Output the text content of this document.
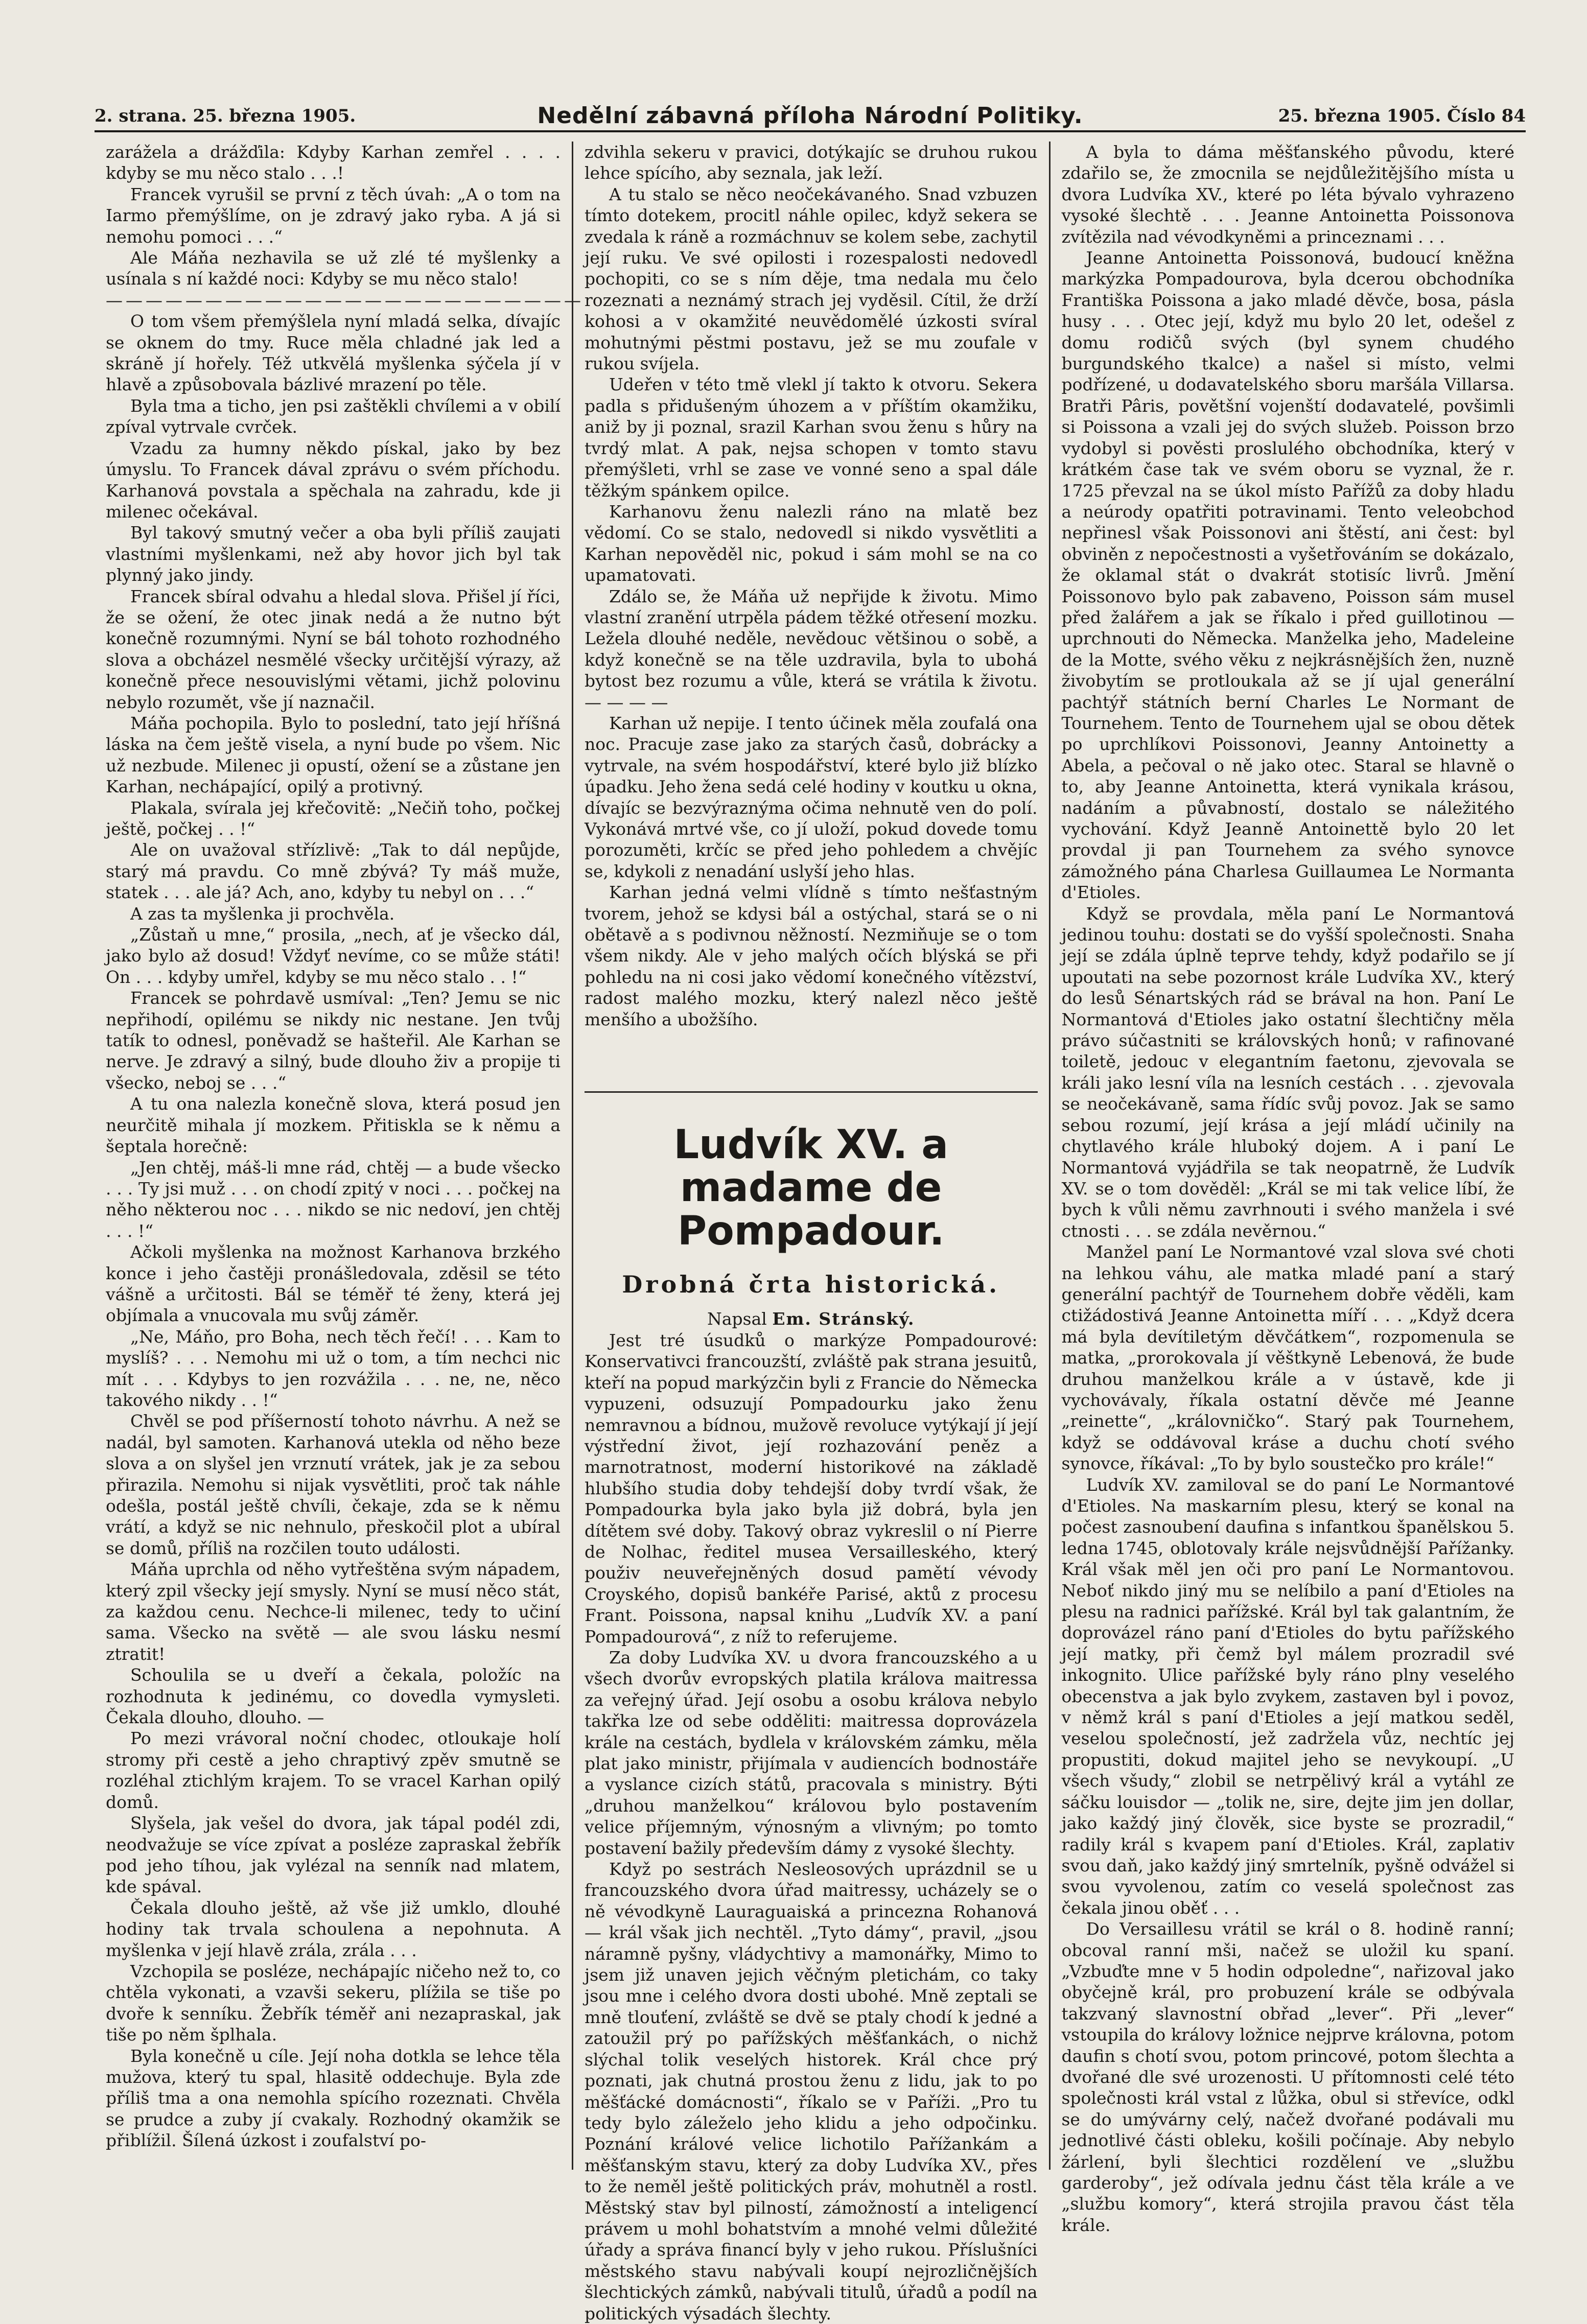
2. strana. 25. března 1905.	Nedělní zábavná příloha Národní Politiky.	25. března 1905. Číslo 84

zarážela a drážďila: Kdyby Karhan zemřel . . . . kdyby se mu něco stalo . . .!

Francek vyrušil se první z těch úvah: „A o tom na Iarmo přemýšlíme, on je zdravý jako ryba. A já si nemohu pomoci . . .“

Ale Máňa nezhavila se už zlé té myšlenky a usínala s ní každé noci: Kdyby se mu něco stalo!

————————————————————————

O tom všem přemýšlela nyní mladá selka, dívajíc se oknem do tmy. Ruce měla chladné jak led a skráně jí hořely. Též utkvělá myšlenka sýčela jí v hlavě a způsobovala bázlivé mrazení po těle.

Byla tma a ticho, jen psi zaštěkli chvílemi a v obilí zpíval vytrvale cvrček.

Vzadu za humny někdo pískal, jako by bez úmyslu. To Francek dával zprávu o svém příchodu. Karhanová povstala a spěchala na zahradu, kde ji milenec očekával.

Byl takový smutný večer a oba byli příliš zaujati vlastními myšlenkami, než aby hovor jich byl tak plynný jako jindy.

Francek sbíral odvahu a hledal slova. Přišel jí říci, že se ožení, že otec jinak nedá a že nutno být konečně rozumnými. Nyní se bál tohoto rozhodného slova a obcházel nesmělé všecky určitější výrazy, až konečně přece nesouvislými větami, jichž polovinu nebylo rozumět, vše jí naznačil.

Máňa pochopila. Bylo to poslední, tato její hříšná láska na čem ještě visela, a nyní bude po všem. Nic už nezbude. Milenec ji opustí, ožení se a zůstane jen Karhan, nechápající, opilý a protivný.

Plakala, svírala jej křečovitě: „Nečiň toho, počkej ještě, počkej . . !“

Ale on uvažoval střízlivě: „Tak to dál nepůjde, starý má pravdu. Co mně zbývá? Ty máš muže, statek . . . ale já? Ach, ano, kdyby tu nebyl on . . .“

A zas ta myšlenka ji prochvěla.

„Zůstaň u mne,“ prosila, „nech, ať je všecko dál, jako bylo až dosud! Vždyť nevíme, co se může státi! On . . . kdyby umřel, kdyby se mu něco stalo . . !“

Francek se pohrdavě usmíval: „Ten? Jemu se nic nepřihodí, opilému se nikdy nic nestane. Jen tvůj tatík to odnesl, poněvadž se hašteřil. Ale Karhan se nerve. Je zdravý a silný, bude dlouho živ a propije ti všecko, neboj se . . .“

A tu ona nalezla konečně slova, která posud jen neurčitě mihala jí mozkem. Přitiskla se k němu a šeptala horečně:

„Jen chtěj, máš-li mne rád, chtěj — a bude všecko . . . Ty jsi muž . . . on chodí zpitý v noci . . . počkej na něho některou noc . . . nikdo se nic nedoví, jen chtěj . . . !“

Ačkoli myšlenka na možnost Karhanova brzkého konce i jeho častěji pronášledovala, zděsil se této vášně a určitosti. Bál se téměř té ženy, která jej objímala a vnucovala mu svůj záměr.

„Ne, Máňo, pro Boha, nech těch řečí! . . . Kam to myslíš? . . . Nemohu mi už o tom, a tím nechci nic mít . . . Kdybys to jen rozvážila . . . ne, ne, něco takového nikdy . . !“

Chvěl se pod příšerností tohoto návrhu. A než se nadál, byl samoten. Karhanová utekla od něho beze slova a on slyšel jen vrznutí vrátek, jak je za sebou přirazila. Nemohu si nijak vysvětliti, proč tak náhle odešla, postál ještě chvíli, čekaje, zda se k němu vrátí, a když se nic nehnulo, přeskočil plot a ubíral se domů, příliš na rozčilen touto události.

Máňa uprchla od něho vytřeštěna svým nápadem, který zpil všecky její smysly. Nyní se musí něco stát, za každou cenu. Nechce-li milenec, tedy to učiní sama. Všecko na světě — ale svou lásku nesmí ztratit!

Schoulila se u dveří a čekala, položíc na rozhodnuta k jedinému, co dovedla vymysleti. Čekala dlouho, dlouho. —

Po mezi vrávoral noční chodec, otloukaje holí stromy při cestě a jeho chraptivý zpěv smutně se rozléhal ztichlým krajem. To se vracel Karhan opilý domů.

Slyšela, jak vešel do dvora, jak tápal podél zdi, neodvažuje se více zpívat a posléze zapraskal žebřík pod jeho tíhou, jak vylézal na senník nad mlatem, kde spával.

Čekala dlouho ještě, až vše již umklo, dlouhé hodiny tak trvala schoulena a nepohnuta. A myšlenka v její hlavě zrála, zrála . . .

Vzchopila se posléze, nechápajíc ničeho než to, co chtěla vykonati, a vzavši sekeru, plížila se tiše po dvoře k senníku. Žebřík téměř ani nezapraskal, jak tiše po něm šplhala.

Byla konečně u cíle. Její noha dotkla se lehce těla mužova, který tu spal, hlasitě oddechuje. Byla zde příliš tma a ona nemohla spícího rozeznati. Chvěla se prudce a zuby jí cvakaly. Rozhodný okamžik se přiblížil. Šílená úzkost i zoufalství po-

zdvihla sekeru v pravici, dotýkajíc se druhou rukou lehce spícího, aby seznala, jak leží.

A tu stalo se něco neočekávaného. Snad vzbuzen tímto dotekem, procitl náhle opilec, když sekera se zvedala k ráně a rozmáchnuv se kolem sebe, zachytil její ruku. Ve své opilosti i rozespalosti nedovedl pochopiti, co se s ním děje, tma nedala mu čelo rozeznati a neznámý strach jej vyděsil. Cítil, že drží kohosi a v okamžité neuvědomělé úzkosti svíral mohutnými pěstmi postavu, jež se mu zoufale v rukou svíjela.

Udeřen v této tmě vlekl jí takto k otvoru. Sekera padla s přidušeným úhozem a v příštím okamžiku, aniž by ji poznal, srazil Karhan svou ženu s hůry na tvrdý mlat. A pak, nejsa schopen v tomto stavu přemýšleti, vrhl se zase ve vonné seno a spal dále těžkým spánkem opilce.

Karhanovu ženu nalezli ráno na mlatě bez vědomí. Co se stalo, nedovedl si nikdo vysvětliti a Karhan nepověděl nic, pokud i sám mohl se na co upamatovati.

Zdálo se, že Máňa už nepřijde k životu. Mimo vlastní zranění utrpěla pádem těžké otřesení mozku. Ležela dlouhé neděle, nevědouc většinou o sobě, a když konečně se na těle uzdravila, byla to ubohá bytost bez rozumu a vůle, která se vrátila k životu. — — — —

Karhan už nepije. I tento účinek měla zoufalá ona noc. Pracuje zase jako za starých časů, dobrácky a vytrvale, na svém hospodářství, které bylo již blízko úpadku. Jeho žena sedá celé hodiny v koutku u okna, dívajíc se bezvýraznýma očima nehnutě ven do polí. Vykonává mrtvé vše, co jí uloží, pokud dovede tomu porozuměti, krčíc se před jeho pohledem a chvějíc se, kdykoli z nenadání uslyší jeho hlas.

Karhan jedná velmi vlídně s tímto nešťastným tvorem, jehož se kdysi bál a ostýchal, stará se o ni obětavě a s podivnou něžností. Nezmiňuje se o tom všem nikdy. Ale v jeho malých očích blýská se při pohledu na ni cosi jako vědomí konečného vítězství, radost malého mozku, který nalezl něco ještě menšího a ubožšího.

Ludvík XV. a madame de Pompadour.
Drobná črta historická.

Napsal Em. Stránský.

Jest tré úsudků o markýze Pompadourové: Konservativci francouzští, zvláště pak strana jesuitů, kteří na popud markýzčin byli z Francie do Německa vypuzeni, odsuzují Pompadourku jako ženu nemravnou a bídnou, mužově revoluce vytýkají jí její výstřední život, její rozhazování peněz a marnotratnost, moderní historikové na základě hlubšího studia doby tehdejší doby tvrdí však, že Pompadourka byla jako byla již dobrá, byla jen dítětem své doby. Takový obraz vykreslil o ní Pierre de Nolhac, ředitel musea Versailleského, který použiv neuveřejněných dosud pamětí vévody Croyského, dopisů bankéře Parisé, aktů z procesu Frant. Poissona, napsal knihu „Ludvík XV. a paní Pompadourová“, z níž to referujeme.

Za doby Ludvíka XV. u dvora francouzského a u všech dvorův evropských platila králova maitressa za veřejný úřad. Její osobu a osobu králova nebylo takřka lze od sebe odděliti: maitressa doprovázela krále na cestách, bydlela v královském zámku, měla plat jako ministr, přijímala v audiencích bodnostáře a vyslance cizích států, pracovala s ministry. Býti „druhou manželkou“ královou bylo postavením velice příjemným, výnosným a vlivným; po tomto postavení bažily především dámy z vysoké šlechty.

Když po sestrách Nesleosových uprázdnil se u francouzského dvora úřad maitressy, ucházely se o ně vévodkyně Lauraguaiská a princezna Rohanová — král však jich nechtěl. „Tyto dámy“, pravil, „jsou náramně pyšny, vládychtivy a mamonářky, Mimo to jsem již unaven jejich věčným pletichám, co taky jsou mne i celého dvora dosti ubohé. Mně zeptali se mně tlouťení, zvláště se dvě se ptaly chodí k jedné a zatoužil prý po pařížských měšťankách, o nichž slýchal tolik veselých historek. Král chce prý poznati, jak chutná prostou ženu z lidu, jak to po měšťácké domácnosti“, říkalo se v Paříži. „Pro tu tedy bylo záleželo jeho klidu a jeho odpočinku. Poznání králové velice lichotilo Pařížankám a měšťanským stavu, který za doby Ludvíka XV., přes to že neměl ještě politických práv, mohutněl a rostl. Městský stav byl pilností, zámožností a inteligencí právem u mohl bohatstvím a mnohé velmi důležité úřady a správa financí byly v jeho rukou. Příslušníci městského stavu nabývali koupí nejrozličnějších šlechtických zámků, nabývali titulů, úřadů a podíl na politických výsadách šlechty.

A byla to dáma měšťanského původu, které zdařilo se, že zmocnila se nejdůležitějšího místa u dvora Ludvíka XV., které po léta bývalo vyhrazeno vysoké šlechtě . . . Jeanne Antoinetta Poissonova zvítězila nad vévodkyněmi a princeznami . . .

Jeanne Antoinetta Poissonová, budoucí kněžna markýzka Pompadourova, byla dcerou obchodníka Františka Poissona a jako mladé děvče, bosa, pásla husy . . . Otec její, když mu bylo 20 let, odešel z domu rodičů svých (byl synem chudého burgundského tkalce) a našel si místo, velmi podřízené, u dodavatelského sboru maršála Villarsa. Bratři Pâris, povětšní vojenští dodavatelé, povšimli si Poissona a vzali jej do svých služeb. Poisson brzo vydobyl si pověsti proslulého obchodníka, který v krátkém čase tak ve svém oboru se vyznal, že r. 1725 převzal na se úkol místo Pařížů za doby hladu a neúrody opatřiti potravinami. Tento veleobchod nepřinesl však Poissonovi ani štěstí, ani čest: byl obviněn z nepočestnosti a vyšetřováním se dokázalo, že oklamal stát o dvakrát stotisíc livrů. Jmění Poissonovo bylo pak zabaveno, Poisson sám musel před žalářem a jak se říkalo i před guillotinou — uprchnouti do Německa. Manželka jeho, Madeleine de la Motte, svého věku z nejkrásnějších žen, nuzně živobytím se protloukala až se jí ujal generální pachtýř státních berní Charles Le Normant de Tournehem. Tento de Tournehem ujal se obou dětek po uprchlíkovi Poissonovi, Jeanny Antoinetty a Abela, a pečoval o ně jako otec. Staral se hlavně o to, aby Jeanne Antoinetta, která vynikala krásou, nadáním a půvabností, dostalo se náležitého vychování. Když Jeanně Antoinettě bylo 20 let provdal ji pan Tournehem za svého synovce zámožného pána Charlesa Guillaumea Le Normanta d'Etioles.

Když se provdala, měla paní Le Normantová jedinou touhu: dostati se do vyšší společnosti. Snaha její se zdála úplně teprve tehdy, když podařilo se jí upoutati na sebe pozornost krále Ludvíka XV., který do lesů Sénartských rád se brával na hon. Paní Le Normantová d'Etioles jako ostatní šlechtičny měla právo súčastniti se královských honů; v rafinované toiletě, jedouc v elegantním faetonu, zjevovala se králi jako lesní víla na lesních cestách . . . zjevovala se neočekávaně, sama řídíc svůj povoz. Jak se samo sebou rozumí, její krása a její mládí učinily na chytlavého krále hluboký dojem. A i paní Le Normantová vyjádřila se tak neopatrně, že Ludvík XV. se o tom dověděl: „Král se mi tak velice líbí, že bych k vůli němu zavrhnouti i svého manžela i své ctnosti . . . se zdála nevěrnou.“

Manžel paní Le Normantové vzal slova své choti na lehkou váhu, ale matka mladé paní a starý generální pachtýř de Tournehem dobře věděli, kam ctižádostivá Jeanne Antoinetta míří . . . „Když dcera má byla devítiletým děvčátkem“, rozpomenula se matka, „prorokovala jí věštkyně Lebenová, že bude druhou manželkou krále a v ústavě, kde ji vychovávaly, říkala ostatní děvče mé Jeanne „reinette“, „královničko“. Starý pak Tournehem, když se oddávoval kráse a duchu chotí svého synovce, říkával: „To by bylo soustečko pro krále!“

Ludvík XV. zamiloval se do paní Le Normantové d'Etioles. Na maskarním plesu, který se konal na počest zasnoubení daufina s infantkou španělskou 5. ledna 1745, oblotovaly krále nejsvůdnější Pařížanky. Král však měl jen oči pro paní Le Normantovou. Neboť nikdo jiný mu se nelíbilo a paní d'Etioles na plesu na radnici pařížské. Král byl tak galantním, že doprovázel ráno paní d'Etioles do bytu pařížského její matky, při čemž byl málem prozradil své inkognito. Ulice pařížské byly ráno plny veselého obecenstva a jak bylo zvykem, zastaven byl i povoz, v němž král s paní d'Etioles a její matkou seděl, veselou společností, jež zadržela vůz, nechtíc jej propustiti, dokud majitel jeho se nevykoupí. „U všech všudy,“ zlobil se netrpělivý král a vytáhl ze sáčku louisdor — „tolik ne, sire, dejte jim jen dollar, jako každý jiný člověk, sice byste se prozradil,“ radily král s kvapem paní d'Etioles. Král, zaplativ svou daň, jako každý jiný smrtelník, pyšně odvážel si svou vyvolenou, zatím co veselá společnost zas čekala jinou oběť . . .

Do Versaillesu vrátil se král o 8. hodině ranní; obcoval ranní mši, načež se uložil ku spaní. „Vzbuďte mne v 5 hodin odpoledne“, nařizoval jako obyčejně král, pro probuzení krále se odbývala takzvaný slavnostní obřad „lever“. Při „lever“ vstoupila do královy ložnice nejprve královna, potom daufin s chotí svou, potom princové, potom šlechta a dvořané dle své urozenosti. U přítomnosti celé této společnosti král vstal z lůžka, obul si střevíce, odkl se do umývárny celý, načež dvořané podávali mu jednotlivé části obleku, košili počínaje. Aby nebylo žárlení, byli šlechtici rozdělení ve „službu garderoby“, jež odívala jednu část těla krále a ve „službu komory“, která strojila pravou část těla krále.
